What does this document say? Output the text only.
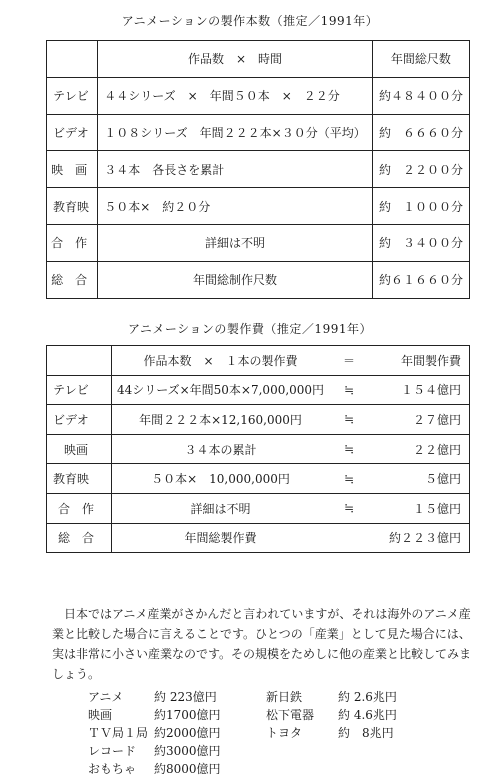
アニメーションの製作本数（推定／1991年）
	作品数　×　時間	年間総尺数
テレビ	４４シリーズ　×　年間５０本　×　２２分	約４８４００分
ビデオ	１０８シリーズ　年間２２２本×３０分（平均）	約　６６６０分
映　画	３４本　各長さを累計	約　２２００分
教育映	５０本×　約２０分	約　１０００分
合　作	詳細は不明	約　３４００分
総　合	年間総制作尺数	約６１６６０分
アニメーションの製作費（推定／1991年）

	作品本数　×　１本の製作費 ＝ 年間製作費

テレビ	44シリーズ×年間50本×7,000,000円 ≒ １５４億円

ビデオ	年間２２２本×12,160,000円 ≒ ２７億円

映画	３４本の累計 ≒ ２２億円

教育映	５０本×　10,000,000円 ≒ ５億円

合　作	詳細は不明 ≒ １５億円

総　合	年間総製作費 約２２３億円
日本ではアニメ産業がさかんだと言われていますが、それは海外のアニメ産業と比較した場合に言えることです。ひとつの「産業」として見た場合には、実は非常に小さい産業なのです。その規模をためしに他の産業と比較してみましょう。
アニメ	約 223億円
映画	約1700億円
ＴＶ局１局 約2000億円
レコード	約3000億円
おもちゃ	約8000億円
新日鉄	約 2.6兆円
松下電器	約 4.6兆円
トヨタ	約　8兆円
